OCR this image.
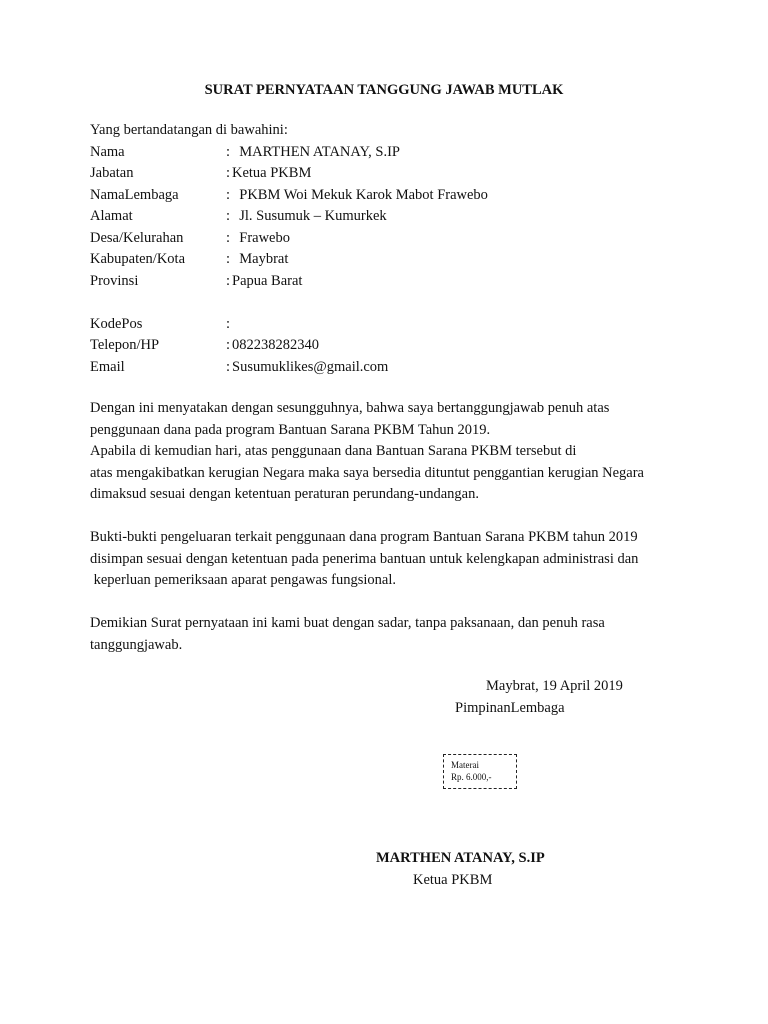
SURAT PERNYATAAN TANGGUNG JAWAB MUTLAK
Yang bertandatangan di bawahini:
Nama	: MARTHEN ATANAY, S.IP
Jabatan	: Ketua PKBM
NamaLembaga	: PKBM Woi Mekuk Karok Mabot Frawebo
Alamat	: Jl. Susumuk – Kumurkek
Desa/Kelurahan	: Frawebo
Kabupaten/Kota	: Maybrat
Provinsi	: Papua Barat
KodePos	:
Telepon/HP	: 082238282340
Email	: Susumuklikes@gmail.com
Dengan ini menyatakan dengan sesungguhnya, bahwa saya bertanggungjawab penuh atas
penggunaan dana pada program Bantuan Sarana PKBM Tahun 2019.
Apabila di kemudian hari, atas penggunaan dana Bantuan Sarana PKBM tersebut di
atas mengakibatkan kerugian Negara maka saya bersedia dituntut penggantian kerugian Negara
dimaksud sesuai dengan ketentuan peraturan perundang-undangan.
Bukti-bukti pengeluaran terkait penggunaan dana program Bantuan Sarana PKBM tahun 2019
disimpan sesuai dengan ketentuan pada penerima bantuan untuk kelengkapan administrasi dan
keperluan pemeriksaan aparat pengawas fungsional.
Demikian Surat pernyataan ini kami buat dengan sadar, tanpa paksanaan, dan penuh rasa
tanggungjawab.
Maybrat, 19 April 2019
PimpinanLembaga
Materai
Rp. 6.000,-
MARTHEN ATANAY, S.IP
Ketua PKBM
